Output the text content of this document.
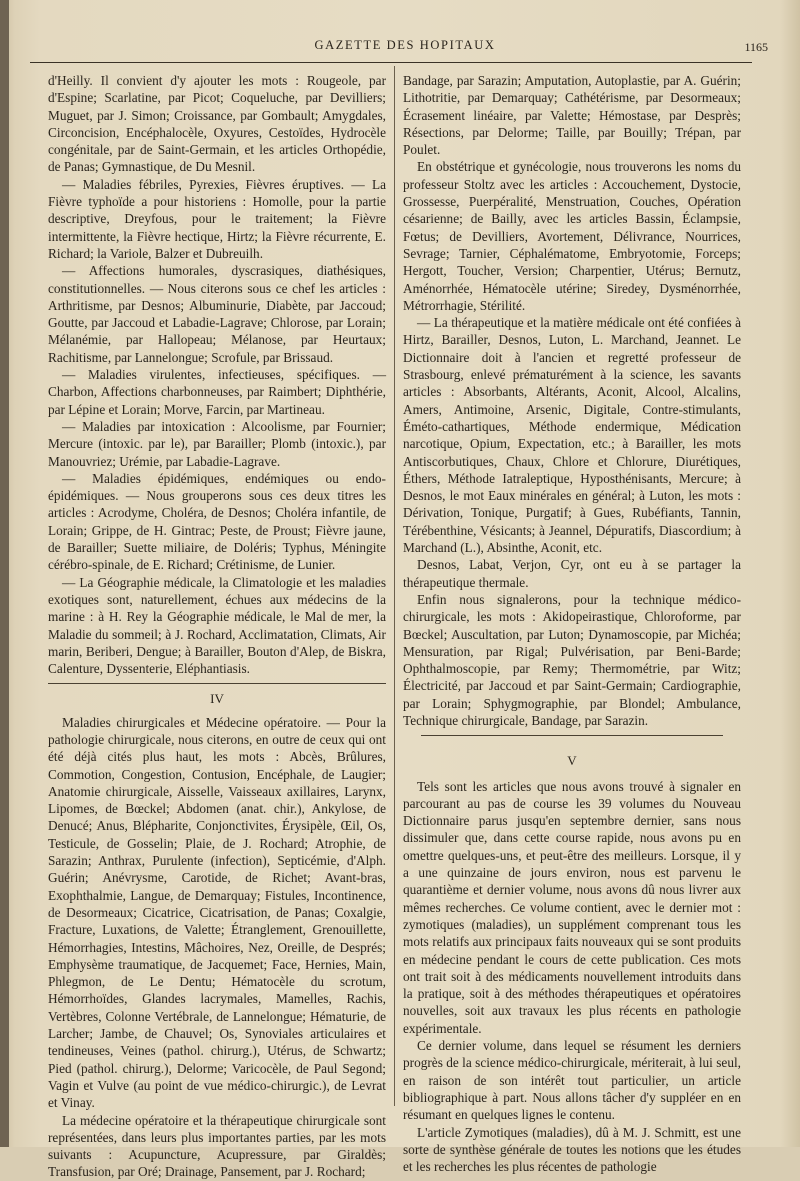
GAZETTE DES HOPITAUX	1165

d'Heilly. Il convient d'y ajouter les mots : Rougeole, par d'Espine; Scarlatine, par Picot; Coqueluche, par Devilliers; Muguet, par J. Simon; Croissance, par Gombault; Amygdales, Circoncision, Encéphalocèle, Oxyures, Cestoïdes, Hydrocèle congénitale, par de Saint-Germain, et les articles Orthopédie, de Panas; Gymnastique, de Du Mesnil.

— Maladies fébriles, Pyrexies, Fièvres éruptives. — La Fièvre typhoïde a pour historiens : Homolle, pour la partie descriptive, Dreyfous, pour le traitement; la Fièvre intermittente, la Fièvre hectique, Hirtz; la Fièvre récurrente, E. Richard; la Variole, Balzer et Dubreuilh.

— Affections humorales, dyscrasiques, diathésiques, constitutionnelles. — Nous citerons sous ce chef les articles : Arthritisme, par Desnos; Albuminurie, Diabète, par Jaccoud; Goutte, par Jaccoud et Labadie-Lagrave; Chlorose, par Lorain; Mélanémie, par Hallopeau; Mélanose, par Heurtaux; Rachitisme, par Lannelongue; Scrofule, par Brissaud.

— Maladies virulentes, infectieuses, spécifiques. — Charbon, Affections charbonneuses, par Raimbert; Diphthérie, par Lépine et Lorain; Morve, Farcin, par Martineau.

— Maladies par intoxication : Alcoolisme, par Fournier; Mercure (intoxic. par le), par Barailler; Plomb (intoxic.), par Manouvriez; Urémie, par Labadie-Lagrave.

— Maladies épidémiques, endémiques ou endo-épidémiques. — Nous grouperons sous ces deux titres les articles : Acrodyme, Choléra, de Desnos; Choléra infantile, de Lorain; Grippe, de H. Gintrac; Peste, de Proust; Fièvre jaune, de Barailler; Suette miliaire, de Doléris; Typhus, Méningite cérébro-spinale, de E. Richard; Crétinisme, de Lunier.

— La Géographie médicale, la Climatologie et les maladies exotiques sont, naturellement, échues aux médecins de la marine : à H. Rey la Géographie médicale, le Mal de mer, la Maladie du sommeil; à J. Rochard, Acclimatation, Climats, Air marin, Beriberi, Dengue; à Barailler, Bouton d'Alep, de Biskra, Calenture, Dyssenterie, Eléphantiasis.

IV

Maladies chirurgicales et Médecine opératoire. — Pour la pathologie chirurgicale, nous citerons, en outre de ceux qui ont été déjà cités plus haut, les mots : Abcès, Brûlures, Commotion, Congestion, Contusion, Encéphale, de Laugier; Anatomie chirurgicale, Aisselle, Vaisseaux axillaires, Larynx, Lipomes, de Bœckel; Abdomen (anat. chir.), Ankylose, de Denucé; Anus, Blépharite, Conjonctivites, Érysipèle, Œil, Os, Testicule, de Gosselin; Plaie, de J. Rochard; Atrophie, de Sarazin; Anthrax, Purulente (infection), Septicémie, d'Alph. Guérin; Anévrysme, Carotide, de Richet; Avant-bras, Exophthalmie, Langue, de Demarquay; Fistules, Incontinence, de Desormeaux; Cicatrice, Cicatrisation, de Panas; Coxalgie, Fracture, Luxations, de Valette; Étranglement, Grenouillette, Hémorrhagies, Intestins, Mâchoires, Nez, Oreille, de Després; Emphysème traumatique, de Jacquemet; Face, Hernies, Main, Phlegmon, de Le Dentu; Hématocèle du scrotum, Hémorrhoïdes, Glandes lacrymales, Mamelles, Rachis, Vertèbres, Colonne Vertébrale, de Lannelongue; Hématurie, de Larcher; Jambe, de Chauvel; Os, Synoviales articulaires et tendineuses, Veines (pathol. chirurg.), Utérus, de Schwartz; Pied (pathol. chirurg.), Delorme; Varicocèle, de Paul Segond; Vagin et Vulve (au point de vue médico-chirurgic.), de Levrat et Vinay.

La médecine opératoire et la thérapeutique chirurgicale sont représentées, dans leurs plus importantes parties, par les mots suivants : Acupuncture, Acupressure, par Giraldès; Transfusion, par Oré; Drainage, Pansement, par J. Rochard;

Bandage, par Sarazin; Amputation, Autoplastie, par A. Guérin; Lithotritie, par Demarquay; Cathétérisme, par Desormeaux; Écrasement linéaire, par Valette; Hémostase, par Desprès; Résections, par Delorme; Taille, par Bouilly; Trépan, par Poulet.

En obstétrique et gynécologie, nous trouverons les noms du professeur Stoltz avec les articles : Accouchement, Dystocie, Grossesse, Puerpéralité, Menstruation, Couches, Opération césarienne; de Bailly, avec les articles Bassin, Éclampsie, Fœtus; de Devilliers, Avortement, Délivrance, Nourrices, Sevrage; Tarnier, Céphalématome, Embryotomie, Forceps; Hergott, Toucher, Version; Charpentier, Utérus; Bernutz, Aménorrhée, Hématocèle utérine; Siredey, Dysménorrhée, Métrorrhagie, Stérilité.

— La thérapeutique et la matière médicale ont été confiées à Hirtz, Barailler, Desnos, Luton, L. Marchand, Jeannet. Le Dictionnaire doit à l'ancien et regretté professeur de Strasbourg, enlevé prématurément à la science, les savants articles : Absorbants, Altérants, Aconit, Alcool, Alcalins, Amers, Antimoine, Arsenic, Digitale, Contre-stimulants, Éméto-cathartiques, Méthode endermique, Médication narcotique, Opium, Expectation, etc.; à Barailler, les mots Antiscorbutiques, Chaux, Chlore et Chlorure, Diurétiques, Éthers, Méthode Iatraleptique, Hyposthénisants, Mercure; à Desnos, le mot Eaux minérales en général; à Luton, les mots : Dérivation, Tonique, Purgatif; à Gues, Rubéfiants, Tannin, Térébenthine, Vésicants; à Jeannel, Dépuratifs, Diascordium; à Marchand (L.), Absinthe, Aconit, etc.

Desnos, Labat, Verjon, Cyr, ont eu à se partager la thérapeutique thermale.

Enfin nous signalerons, pour la technique médico-chirurgicale, les mots : Akidopeirastique, Chloroforme, par Bœckel; Auscultation, par Luton; Dynamoscopie, par Michéa; Mensuration, par Rigal; Pulvérisation, par Beni-Barde; Ophthalmoscopie, par Remy; Thermométrie, par Witz; Électricité, par Jaccoud et par Saint-Germain; Cardiographie, par Lorain; Sphygmographie, par Blondel; Ambulance, Technique chirurgicale, Bandage, par Sarazin.

V

Tels sont les articles que nous avons trouvé à signaler en parcourant au pas de course les 39 volumes du Nouveau Dictionnaire parus jusqu'en septembre dernier, sans nous dissimuler que, dans cette course rapide, nous avons pu en omettre quelques-uns, et peut-être des meilleurs. Lorsque, il y a une quinzaine de jours environ, nous est parvenu le quarantième et dernier volume, nous avons dû nous livrer aux mêmes recherches. Ce volume contient, avec le dernier mot : zymotiques (maladies), un supplément comprenant tous les mots relatifs aux principaux faits nouveaux qui se sont produits en médecine pendant le cours de cette publication. Ces mots ont trait soit à des médicaments nouvellement introduits dans la pratique, soit à des méthodes thérapeutiques et opératoires nouvelles, soit aux travaux les plus récents en pathologie expérimentale.

Ce dernier volume, dans lequel se résument les derniers progrès de la science médico-chirurgicale, mériterait, à lui seul, en raison de son intérêt tout particulier, un article bibliographique à part. Nous allons tâcher d'y suppléer en en résumant en quelques lignes le contenu.

L'article Zymotiques (maladies), dû à M. J. Schmitt, est une sorte de synthèse générale de toutes les notions que les études et les recherches les plus récentes de pathologie
